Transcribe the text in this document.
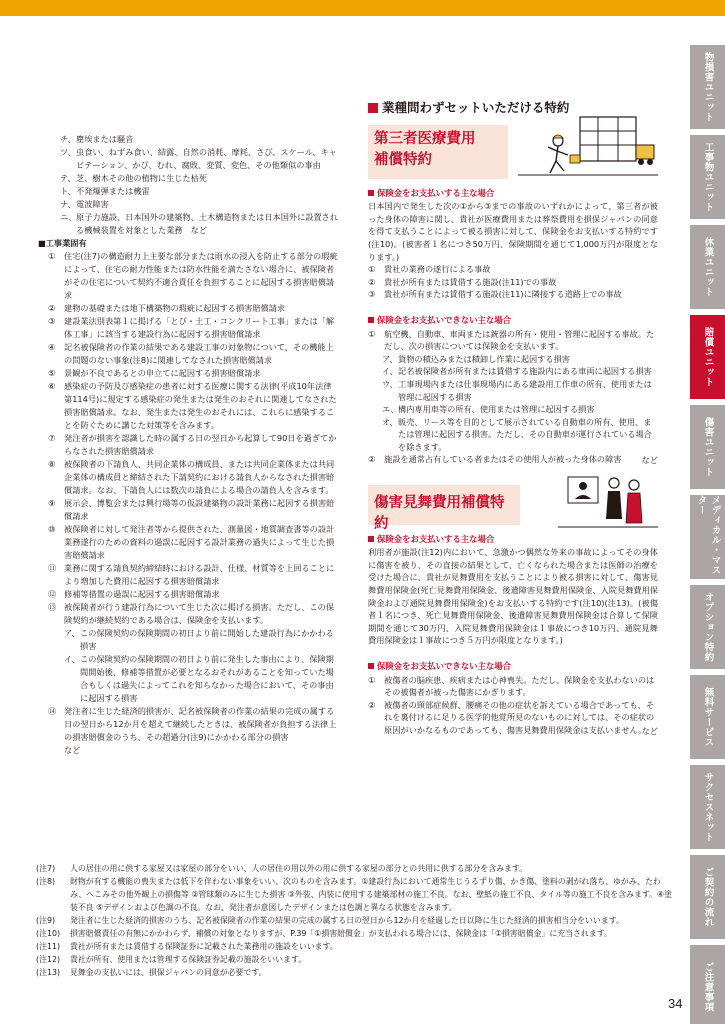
チ、 塵埃または騒音
ツ、 虫食い、ねずみ食い、結露、自然の消耗、摩耗、さび、スケール、キャビテーション、かび、むれ、腐敗、変質、変色、その他類似の事由
テ、 芝、樹木その他の植物に生じた枯死
ト、 不発爆弾または機雷
ナ、 電波障害
ニ、 原子力施設、日本国外の建築物、土木構造物または日本国外に設置される機械装置を対象とした業務　など
■工事業固有
①	住宅(注7)の構造耐力上主要な部分または雨水の浸入を防止する部分の瑕疵によって、住宅の耐力性能または防水性能を満たさない場合に、被保険者がその住宅について契約不適合責任を負担することに起因する損害賠償請求
②	建物の基礎または地下構築物の瑕疵に起因する損害賠償請求
③	建設業法別表第１に掲げる「とび・土工・コンクリート工事」または「解体工事」に該当する建設行為に起因する損害賠償請求
④	記名被保険者の作業の結果である建設工事の対象物について、その機能上の問題のない事象(注8)に関連してなされた損害賠償請求
⑤	景観が不良であるとの申立てに起因する損害賠償請求
⑥	感染症の予防及び感染症の患者に対する医療に関する法律(平成10年法律第114号)に規定する感染症の発生または発生のおそれに関連してなされた損害賠償請求。なお、発生または発生のおそれには、これらに感染することを防ぐために講じた対策等を含みます。
⑦	発注者が損害を認識した時の属する日の翌日から起算して90日を過ぎてからなされた損害賠償請求
⑧	被保険者の下請負人、共同企業体の構成員、または共同企業体または共同企業体の構成員と締結された下請契約における請負人からなされた損害賠償請求。なお、下請負人には数次の請負による場合の請負人を含みます。
⑨	展示会、博覧会または興行場等の仮設建築物の設計業務に起因する損害賠償請求
⑩	被保険者に対して発注者等から提供された、測量図・地質調査書等の設計業務遂行のための資料の過誤に起因する設計業務の過失によって生じた損害賠償請求
⑪ 業務に関する請負契約締結時における設計、仕様、材質等を上回ることにより増加した費用に起因する損害賠償請求
⑫ 修補等措置の過誤に起因する損害賠償請求
⑬ 被保険者が行う建設行為について生じた次に掲げる損害。ただし、この保険契約が継続契約である場合は、保険金を支払います。
ア、 この保険契約の保険期間の初日より前に開始した建設行為にかかわる損害
イ、 この保険契約の保険期間の初日より前に発生した事由により、保険期間開始後、修補等措置が必要となるおそれがあることを知っていた場合もしくは過失によってこれを知らなかった場合において、その事由に起因する損害
⑭ 発注者に生じた経済的損害が、記名被保険者の作業の結果の完成の属する日の翌日から12か月を超えて継続したときは、被保険者が負担する法律上の損害賠償金のうち、その超過分(注9)にかかわる部分の損害　　　　　　　　　など
業種問わずセットいただける特約
第三者医療費用
補償特約
保険金をお支払いする主な場合
日本国内で発生した次の①から③までの事故のいずれかによって、第三者が被った身体の障害に関し、貴社が医療費用または葬祭費用を損保ジャパンの同意を得て支払うことによって被る損害に対して、保険金をお支払いする特約です(注10)。(被害者１名につき50万円、保険期間を通じて1,000万円が限度となります。)
①	貴社の業務の遂行による事故
②	貴社が所有または賃借する施設(注11)での事故
③	貴社が所有または賃借する施設(注11)に隣接する道路上での事故
保険金をお支払いできない主な場合
①	航空機、自動車、車両または銃器の所有・使用・管理に起因する事故。ただし、次の損害については保険金を支払います。
ア、 貨物の積込みまたは積卸し作業に起因する損害
イ、 記名被保険者が所有または賃借する施設内にある車両に起因する損害
ウ、 工事現場内または仕事現場内にある建設用工作車の所有、使用または管理に起因する損害
エ、 構内専用車等の所有、使用または管理に起因する損害
オ、 販売、リース等を目的として展示されている自動車の所有、使用、または管理に起因する損害。ただし、その自動車が運行されている場合を除きます。
②	施設を通常占有している者またはその使用人が被った身体の障害	など
傷害見舞費用補償特約
保険金をお支払いする主な場合
利用者が施設(注12)内において、急激かつ偶然な外来の事故によってその身体に傷害を被り、その直接の結果として、亡くなられた場合または医師の治療を受けた場合に、貴社が見舞費用を支払うことにより被る損害に対して、傷害見舞費用保険金(死亡見舞費用保険金、後遺障害見舞費用保険金、入院見舞費用保険金および通院見舞費用保険金)をお支払いする特約です(注10)(注13)。(被傷者１名につき、死亡見舞費用保険金、後遺障害見舞費用保険金は合算して保険期間を通じて30万円、入院見舞費用保険金は１事故につき10万円、通院見舞費用保険金は１事故につき５万円が限度となります。)
保険金をお支払いできない主な場合
①	被傷者の脳疾患、疾病または心神喪失。ただし、保険金を支払わないのはその被傷者が被った傷害にかぎります。
②	被傷者の頸部症候群、腰痛その他の症状を訴えている場合であっても、それを裏付けるに足りる医学的他覚所見のないものに対しては、その症状の原因がいかなるものであっても、傷害見舞費用保険金は支払いません。
など
(注7)	人の居住の用に供する家屋又は家屋の部分をいい、人の居住の用以外の用に供する家屋の部分との共用に供する部分を含みます。
(注8)	財物が有する機能の喪失または低下を伴わない事象をいい、次のものを含みます。①建設行為において通常生じうるずり傷、かき傷、塗料の剥がれ落ち、ゆがみ、たわみ、へこみその他外観上の損傷等 ②管球類のみに生じた損害 ③外装、内装に使用する建築部材の施工不良。なお、壁紙の施工不良、タイル等の施工不良を含みます。④塗装不良 ⑤デザインおよび色調の不良。なお、発注者が意図したデザインまたは色調と異なる状態を含みます。
(注9)	発注者に生じた経済的損害のうち、記名被保険者の作業の結果の完成の属する日の翌日から12か月を経過した日以降に生じた経済的損害相当分をいいます。
(注10)	損害賠償責任の有無にかかわらず、補償の対象となりますが、P.39「①損害賠償金」が支払われる場合には、保険金は「①損害賠償金」に充当されます。
(注11)	貴社が所有または賃借する保険証券に記載された業務用の施設をいいます。
(注12)	貴社が所有、使用または管理する保険証券記載の施設をいいます。
(注13)	見舞金の支払いには、損保ジャパンの同意が必要です。
物損害ユニット
工事物ユニット
休業ユニット
賠償ユニット
傷害ユニット
メディカル・マスター
オプション特約
無料サービス
サクセスネット
ご契約の流れ
ご注意事項
34
